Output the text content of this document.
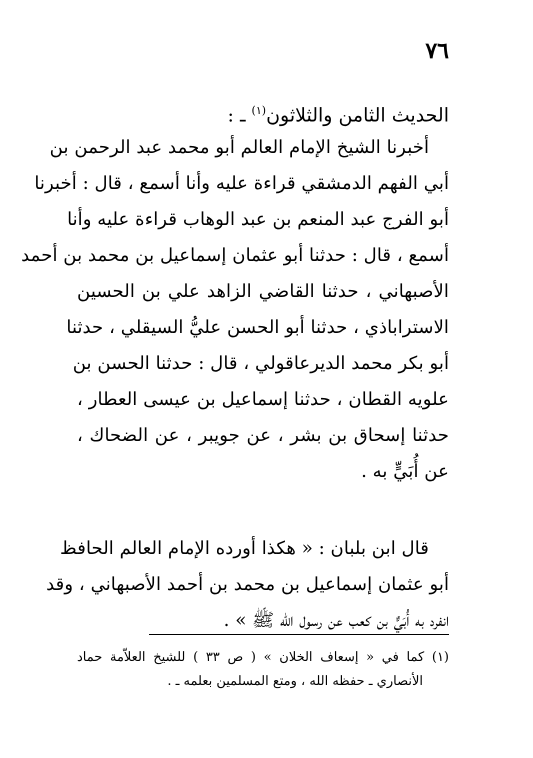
٧٦
الحديث الثامن والثلاثون$^{(١)}$ ـ :
أخبرنا الشيخ الإمام العالم أبو محمد عبد الرحمن بن
أبي الفهم الدمشقي قراءة عليه وأنا أسمع ، قال : أخبرنا
أبو الفرج عبد المنعم بن عبد الوهاب قراءة عليه وأنا
أسمع ، قال : حدثنا أبو عثمان إسماعيل بن محمد بن أحمد
الأصبهاني ، حدثنا القاضي الزاهد علي بن الحسين
الاستراباذي ، حدثنا أبو الحسن عليُّ السيقلي ، حدثنا
أبو بكر محمد الديرعاقولي ، قال : حدثنا الحسن بن
علويه القطان ، حدثنا إسماعيل بن عيسى العطار ،
حدثنا إسحاق بن بشر ، عن جويبر ، عن الضحاك ،
عن أُبَيٍّ به .
قال ابن بلبان : « هكذا أورده الإمام العالم الحافظ
أبو عثمان إسماعيل بن محمد بن أحمد الأصبهاني ، وقد
انفرد به أُبَيٌّ بن كعب عن رسول الله ﷺ » .
(١) كما في « إسعاف الخلان » ( ص ٣٣ ) للشيخ العلاّمة حماد
الأنصاري ـ حفظه الله ، ومتع المسلمين بعلمه ـ .
